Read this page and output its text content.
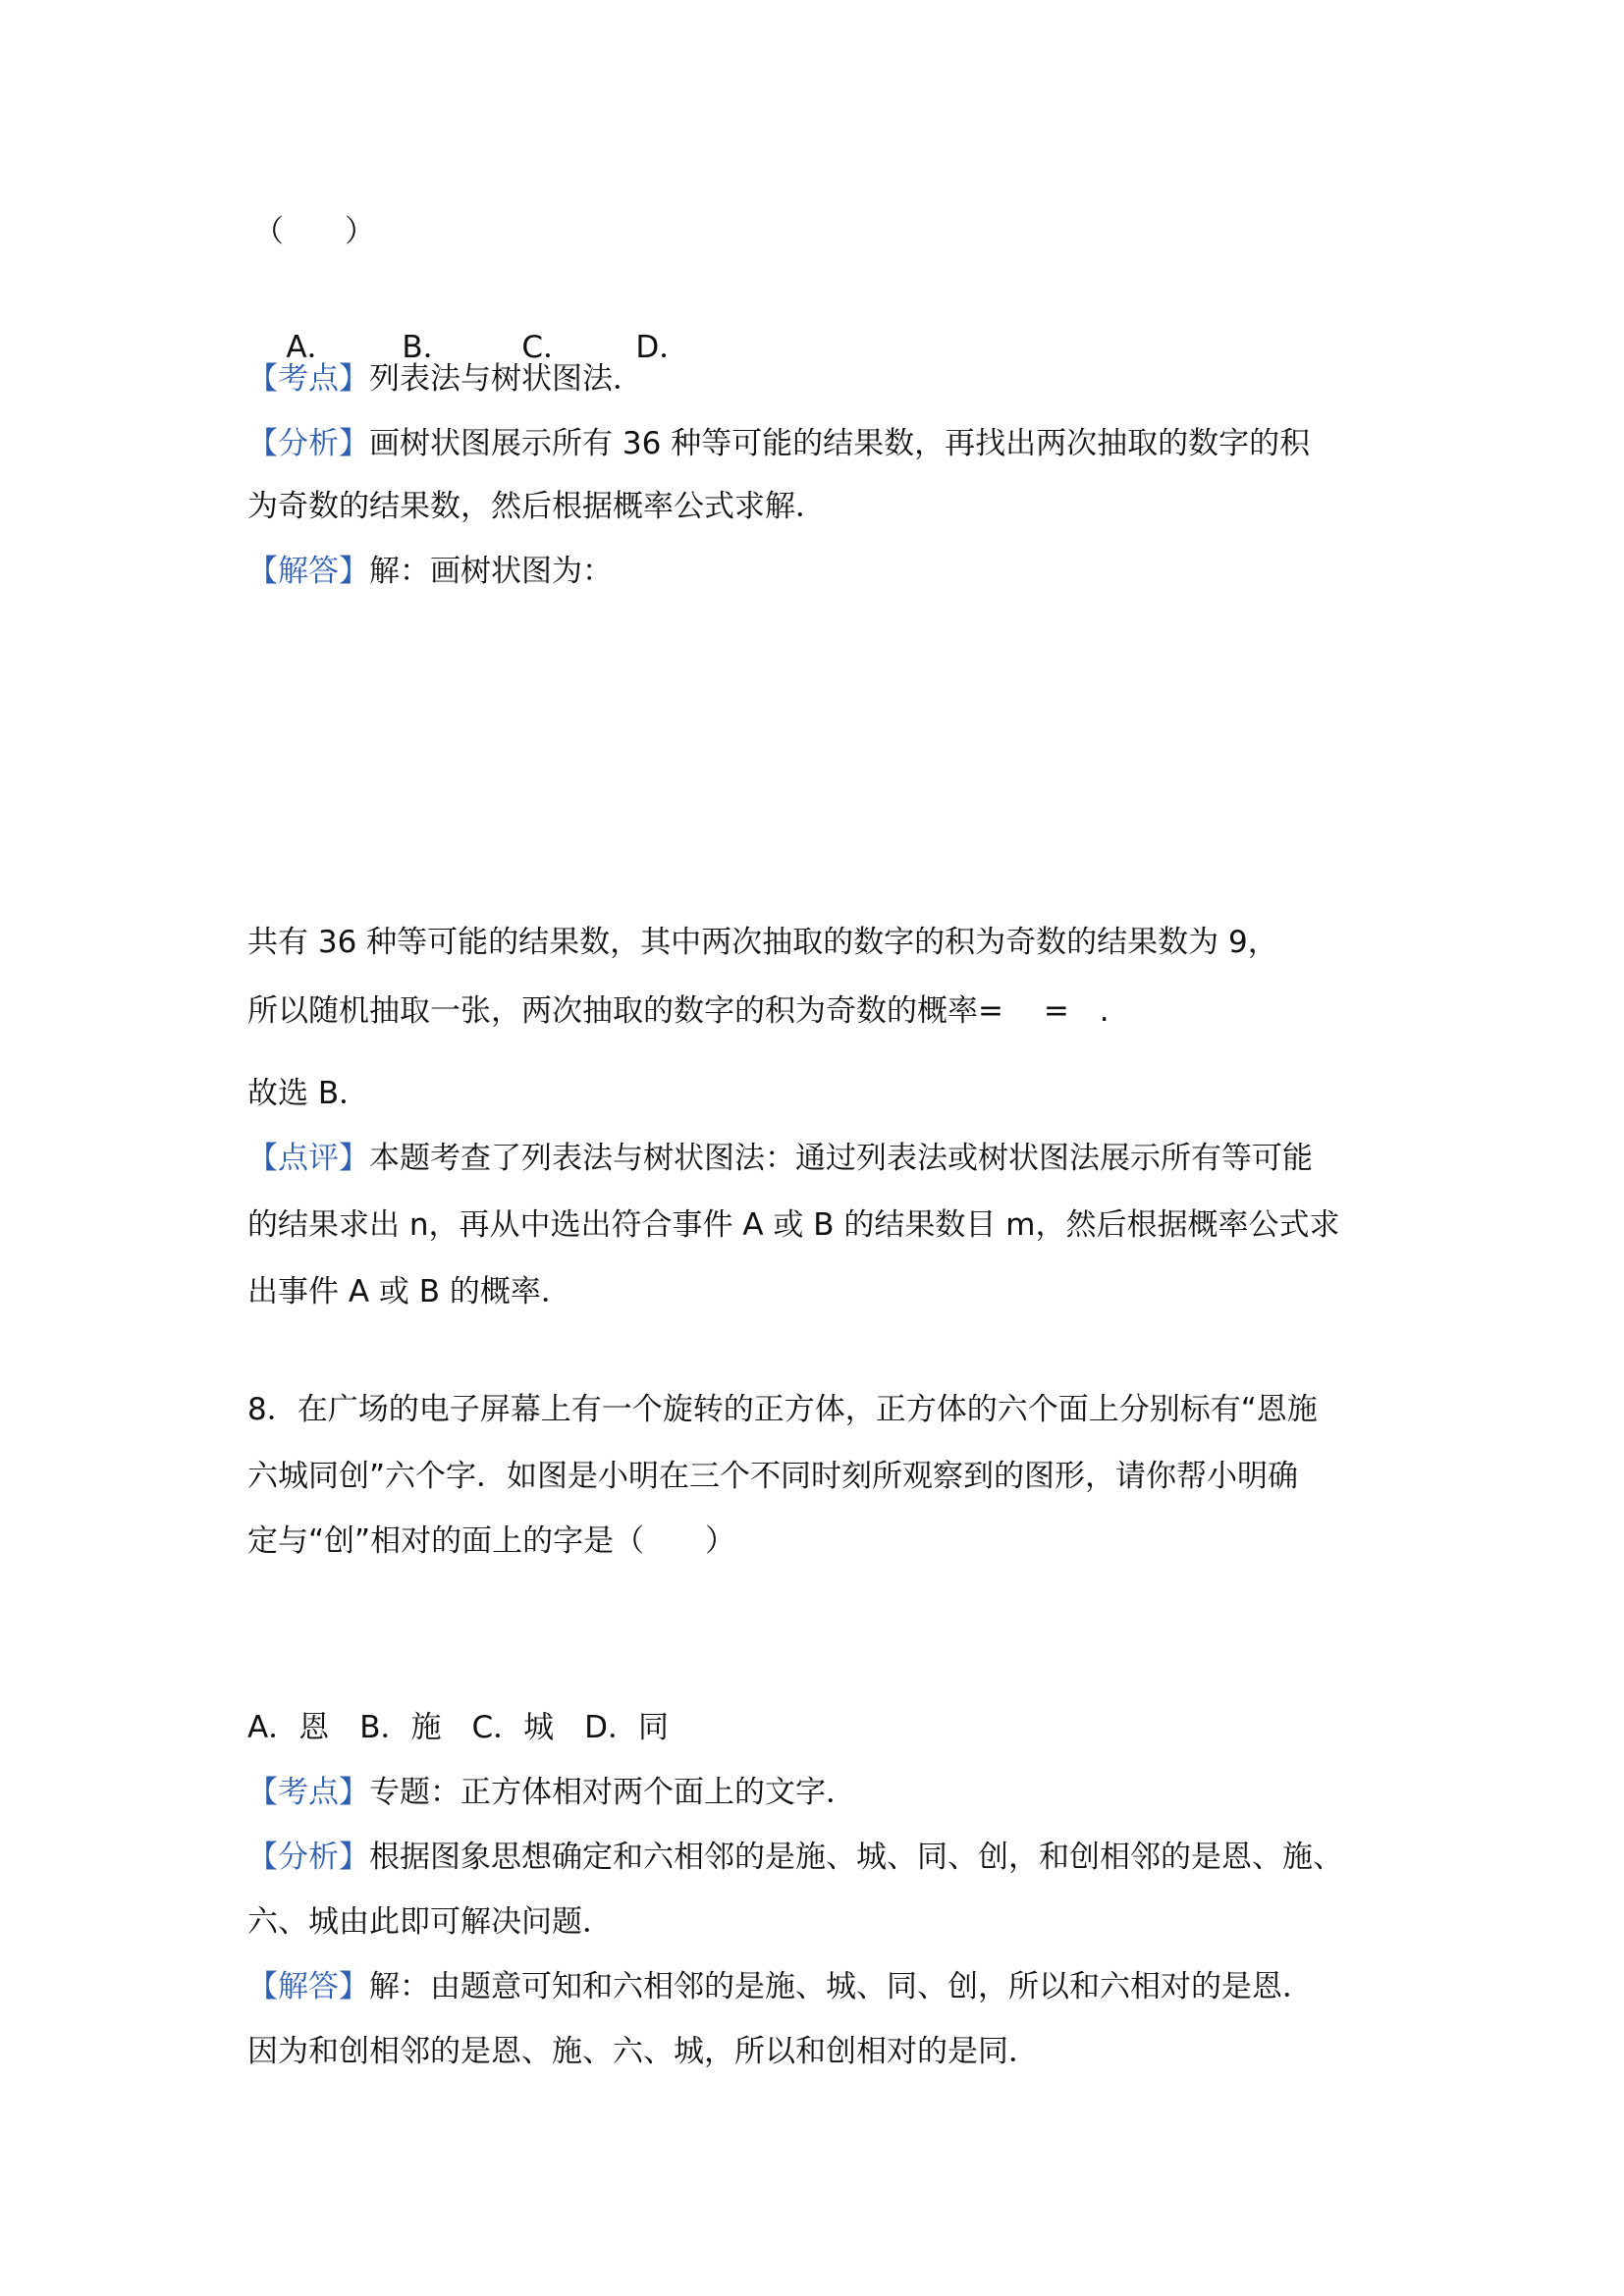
（　　）

A． B． C． D．

【考点】列表法与树状图法．
【分析】画树状图展示所有 36 种等可能的结果数，再找出两次抽取的数字的积
为奇数的结果数，然后根据概率公式求解．
【解答】解：画树状图为：
共有 36 种等可能的结果数，其中两次抽取的数字的积为奇数的结果数为 9，
所以随机抽取一张，两次抽取的数字的积为奇数的概率=　 =　.
故选 B．
【点评】本题考查了列表法与树状图法：通过列表法或树状图法展示所有等可能
的结果求出 n，再从中选出符合事件 A 或 B 的结果数目 m，然后根据概率公式求
出事件 A 或 B 的概率．
8．在广场的电子屏幕上有一个旋转的正方体，正方体的六个面上分别标有“恩施
六城同创”六个字．如图是小明在三个不同时刻所观察到的图形，请你帮小明确
定与“创”相对的面上的字是（　　）
A．恩　B．施　C．城　D．同
【考点】专题：正方体相对两个面上的文字．
【分析】根据图象思想确定和六相邻的是施、城、同、创，和创相邻的是恩、施、
六、城由此即可解决问题．
【解答】解：由题意可知和六相邻的是施、城、同、创，所以和六相对的是恩．
因为和创相邻的是恩、施、六、城，所以和创相对的是同．
